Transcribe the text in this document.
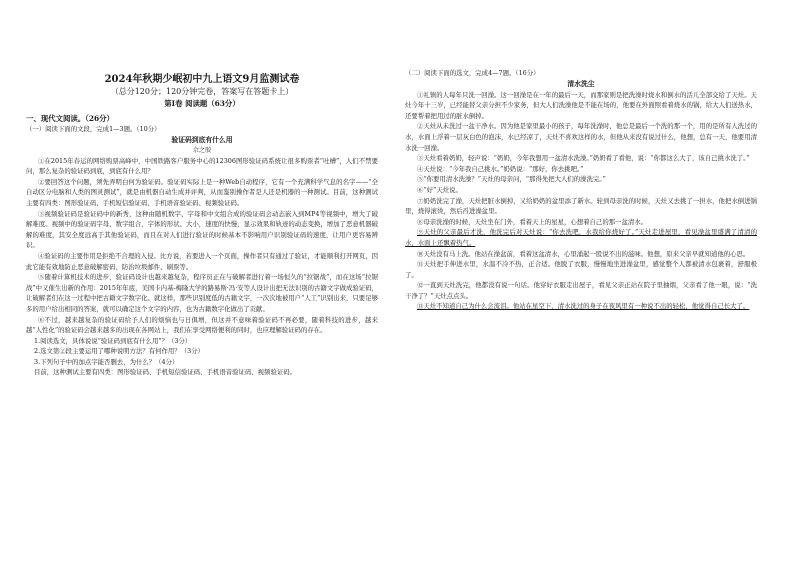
2024年秋期少岷初中九上语文9月监测试卷
（总分120分；120分钟完卷，答案写在答题卡上）
第Ⅰ卷 阅读题（63分）
一、现代文阅读。（26分）
（一）阅读下面的文段，完成1—3题。（10分）
验证码到底有什么用
佘之胶

①在2015年春运的网络购票高峰中，中国铁路客户服务中心的12306图形验证码系统让很多购票者“吐槽”，人们不禁要问，那么复杂的验证码到底，到底有什么用？

②要回答这个问题，须先弄明白何为验证码。验证码实际上是一种Web自动程序，它有一个充满科学气息的名字——“全自动区分电脑和人类的图灵测试”，就是由机器自动生成并评判，从而鉴别操作者是人还是机器的一种测试。目前，这种测试主要有四类：图形验证码、手机短信验证码、手机语音验证码、视频验证码。

③视频验证码是验证码中的新秀，这种由随机数字、字母和中文组合成的验证码会动态嵌入到MP4等视频中，增大了破解难度。视频中的验证码字母、数字组合，字体的形状、大小，速度的快慢，显示效果和轨迹的动态变换，增加了恶意机器破解的难度，其安全度远高于其他验证码，而且在对人们进行验证的时候基本不影响用户识别验证码的速度，让用户更容易辨识。

④验证码的主要作用是拒绝不合理的入侵。比方说，若要进入一个页面，操作者只有通过了验证，才能顺利打开网页，因此它能有效地防止恶意破解密码、防治垃圾邮件、刷票等。

⑤随着计算机技术的进步，验证码设计也越来越复杂，程序员正在与破解者进行着一场恒久的“拉锯战”，而在这场“拉锯战”中又催生出新的作用：2015年年底，美国卡内基-梅隆大学的路易斯·冯·安等人设计出把无法识别的古籍文字做成验证码，让破解者们在这一过程中把古籍文字数字化。就这样，那些识别度低的古籍文字，一次次地被用户“人工”识别出来，只要足够多的用户给出相同的答案，就可以确定这个文字的内容，也为古籍数字化做出了贡献。

⑥不过，越来越复杂的验证码给予人们的烦恼也与日俱增，但这并不意味着验证码不再必要，随着科技的进步，越来越“人性化”的验证码会越来越多的出现在各网站上，我们在享受网络便利的同时，也应理解验证码的存在。

1.阅读选文，具体说说“验证码到底有什么用”？（3分）

2.选文第②段主要运用了哪种说明方法？有何作用？（3分）

3.下列句子中的加点字能否删去，为什么？（4分）

目前，这种测试主要有四类：图形验证码、手机短信验证码、手机语音验证码、视频验证码。

（二）阅读下面的选文，完成4—7题。（16分）
清水洗尘

①礼镇的人每年只洗一回澡。这一回澡是在一年的最后一天，而那家则是把洗澡时烧水和倒水的活儿全部交给了天灶。天灶今年十三岁，已经能替父亲分担不少家务，但大人们洗澡他是不能在场的，他要在外面照看着烧水的锅，给大人们送热水，还要帮着把用过的脏水倒掉。

②天灶从未洗过一盆干净水。因为他是家里最小的孩子，每年洗澡时，他总是最后一个洗的那一个，用的是所有人洗过的水，水面上浮着一层灰白色的泡沫，水已经凉了，天灶不喜欢这样的水，但他从来没有说过什么，他想，总有一天，他要用清水洗一回澡。

③天灶看着奶奶，轻声说：“奶奶，今年我想用一盆清水洗澡。”奶奶看了看他，说：“你都这么大了，该自己挑水洗了。”

④天灶说：“今年我自己挑水。”奶奶说：“那好，你去挑吧。”

⑤“你要用清水洗澡？”天灶的母亲问，“那得先把大人们的澡洗完。”

⑥“好”天灶说。

⑦奶奶洗完了澡，天灶把脏水倒掉，又给奶奶的盆里添了新水。轮到母亲洗的时候，天灶又去挑了一担水，他把水倒进锅里，烧得滚烫，然后舀进澡盆里。

⑧母亲洗澡的时候，天灶坐在门外，看着天上的星星，心想着自己的那一盆清水。

⑨天灶的父亲最后才洗，他洗完后对天灶说：“你去洗吧，水我给你烧好了。”天灶走进屋里，看见澡盆里盛满了清清的水，水面上还飘着热气。

⑩天灶没有马上洗。他站在澡盆前，看着这盆清水，心里涌起一股说不出的滋味。他想，原来父亲早就知道他的心思。

⑪天灶把手伸进水里，水温不冷不热，正合适。他脱了衣服，慢慢地坐进澡盆里，感觉整个人都被清水包裹着，舒服极了。

⑫一直到天灶洗完，他都没有说一句话。他穿好衣服走出屋子，看见父亲正站在院子里抽烟，父亲看了他一眼，说：“洗干净了？”天灶点点头。

⑬天灶不知道自己为什么会流泪。他站在星空下，清水洗过的身子在夜风里有一种说不出的轻松，他觉得自己长大了。
